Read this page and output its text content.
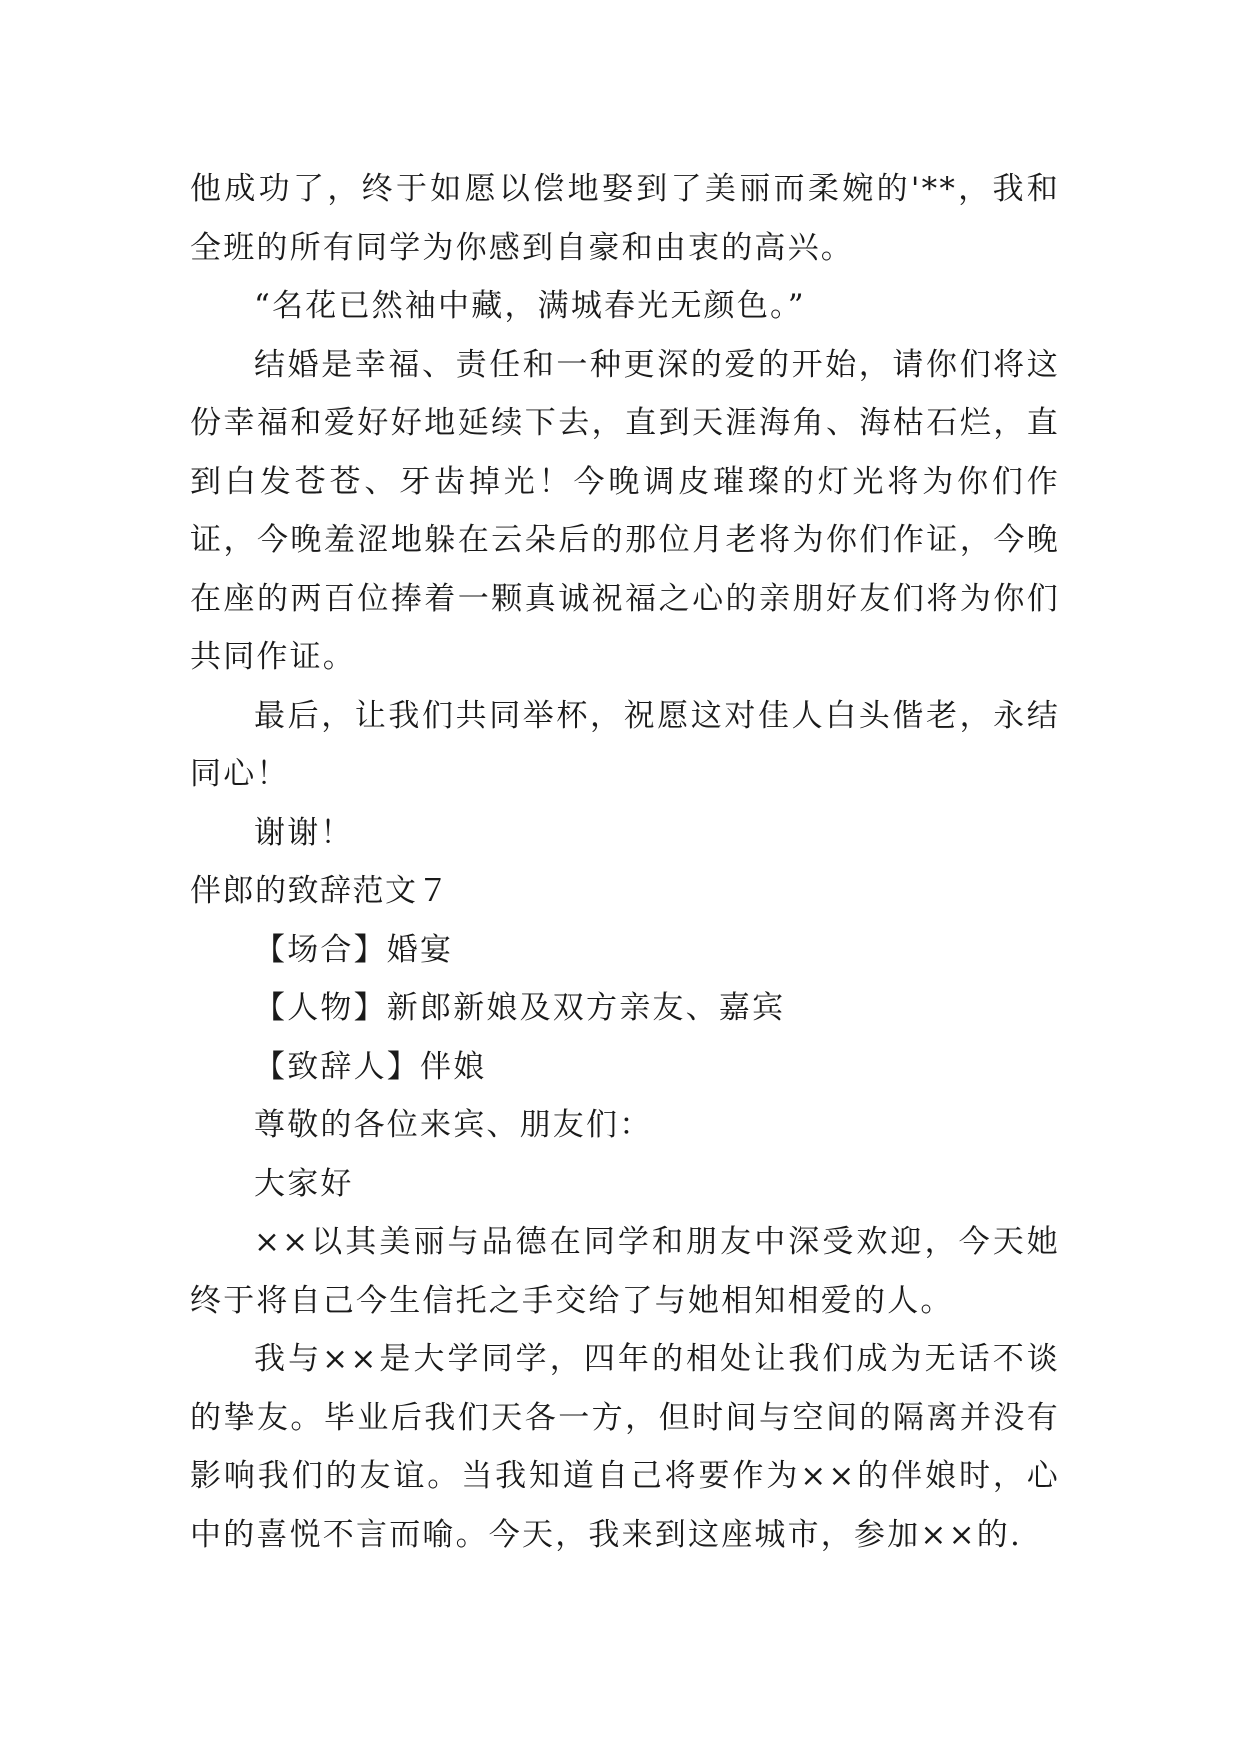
他成功了，终于如愿以偿地娶到了美丽而柔婉的'**，我和全班的所有同学为你感到自豪和由衷的高兴。

“名花已然袖中藏，满城春光无颜色。”

结婚是幸福、责任和一种更深的爱的开始，请你们将这份幸福和爱好好地延续下去，直到天涯海角、海枯石烂，直到白发苍苍、牙齿掉光！今晚调皮璀璨的灯光将为你们作证，今晚羞涩地躲在云朵后的那位月老将为你们作证，今晚在座的两百位捧着一颗真诚祝福之心的亲朋好友们将为你们共同作证。

最后，让我们共同举杯，祝愿这对佳人白头偕老，永结同心！

谢谢！

伴郎的致辞范文７

【场合】婚宴

【人物】新郎新娘及双方亲友、嘉宾

【致辞人】伴娘

尊敬的各位来宾、朋友们：

大家好

××以其美丽与品德在同学和朋友中深受欢迎，今天她终于将自己今生信托之手交给了与她相知相爱的人。

我与××是大学同学，四年的相处让我们成为无话不谈的挚友。毕业后我们天各一方，但时间与空间的隔离并没有影响我们的友谊。当我知道自己将要作为××的伴娘时，心中的喜悦不言而喻。今天，我来到这座城市，参加××的.
